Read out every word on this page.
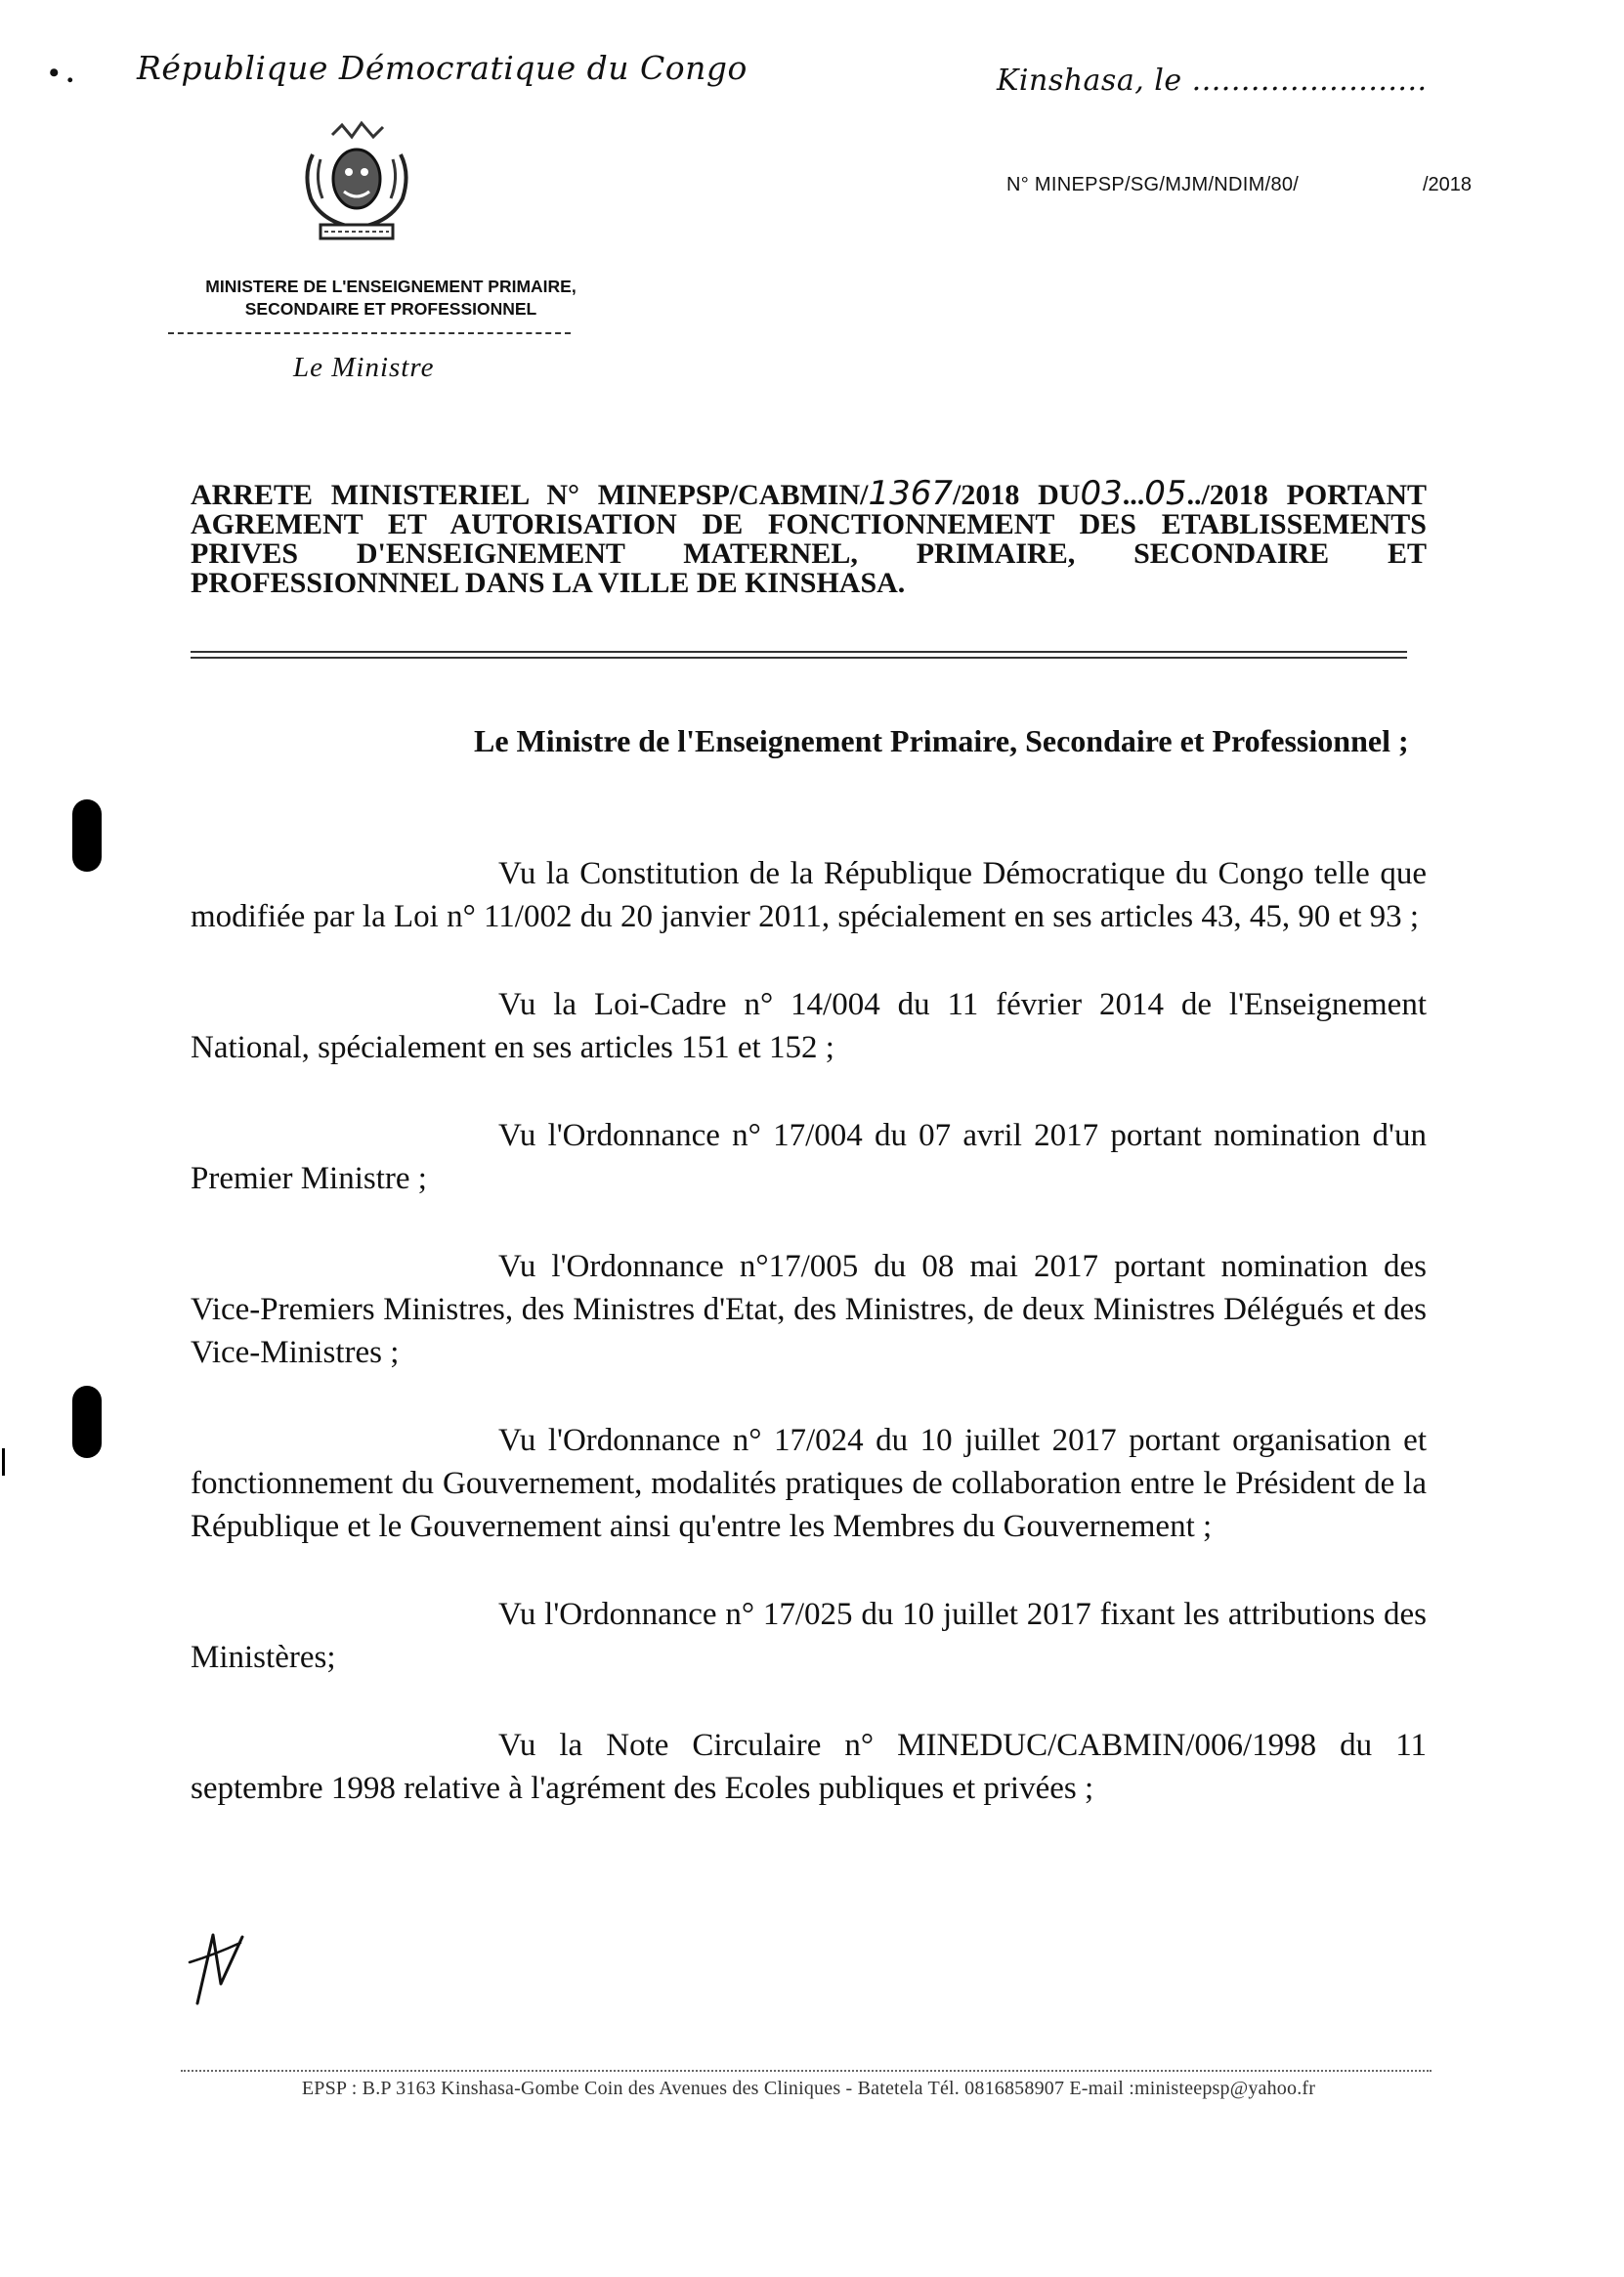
• . République Démocratique du Congo	Kinshasa, le ........................
N° MINEPSP/SG/MJM/NDIM/80/	/2018
MINISTERE DE L'ENSEIGNEMENT PRIMAIRE,
SECONDAIRE ET PROFESSIONNEL
Le Ministre
ARRETE MINISTERIEL N° MINEPSP/CABMIN/1367/2018 DU03...05../2018 PORTANT AGREMENT ET AUTORISATION DE FONCTIONNEMENT DES ETABLISSEMENTS PRIVES D'ENSEIGNEMENT MATERNEL, PRIMAIRE, SECONDAIRE ET PROFESSIONNNEL DANS LA VILLE DE KINSHASA.
Le Ministre de l'Enseignement Primaire, Secondaire et Professionnel ;
Vu la Constitution de la République Démocratique du Congo telle que modifiée par la Loi n° 11/002 du 20 janvier 2011, spécialement en ses articles 43, 45, 90 et 93 ;
Vu la Loi-Cadre n° 14/004 du 11 février 2014 de l'Enseignement National, spécialement en ses articles 151 et 152 ;
Vu l'Ordonnance n° 17/004 du 07 avril 2017 portant nomination d'un Premier Ministre ;
Vu l'Ordonnance n°17/005 du 08 mai 2017 portant nomination des Vice-Premiers Ministres, des Ministres d'Etat, des Ministres, de deux Ministres Délégués et des Vice-Ministres ;
Vu l'Ordonnance n° 17/024 du 10 juillet 2017 portant organisation et fonctionnement du Gouvernement, modalités pratiques de collaboration entre le Président de la République et le Gouvernement ainsi qu'entre les Membres du Gouvernement ;
Vu l'Ordonnance n° 17/025 du 10 juillet 2017 fixant les attributions des Ministères;
Vu la Note Circulaire n° MINEDUC/CABMIN/006/1998 du 11 septembre 1998 relative à l'agrément des Ecoles publiques et privées ;
EPSP : B.P 3163 Kinshasa-Gombe Coin des Avenues des Cliniques - Batetela Tél. 0816858907 E-mail :ministeepsp@yahoo.fr
